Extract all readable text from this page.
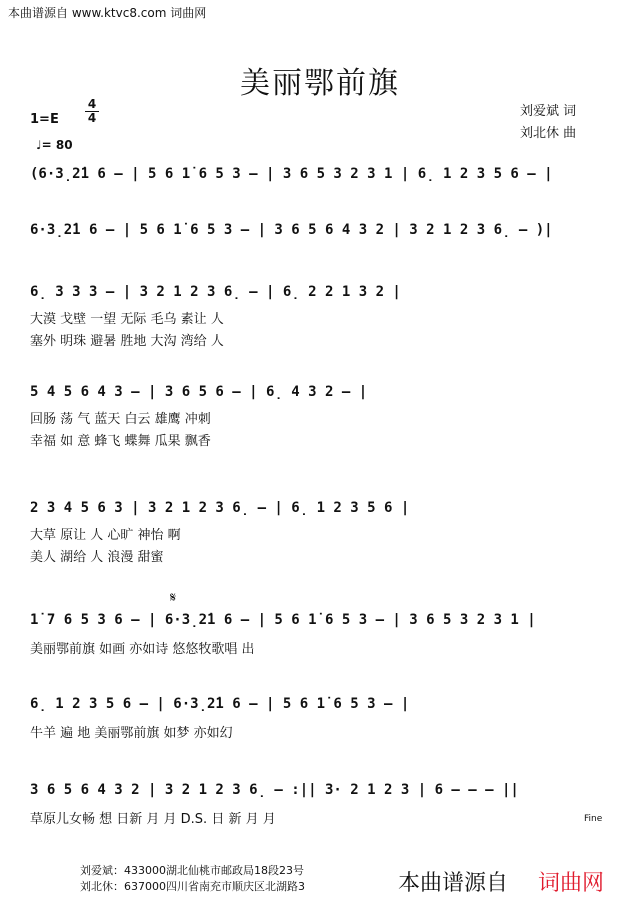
本曲谱源自 www.ktvc8.com 词曲网
美丽鄂前旗
1=E
4
4
♩= 80
刘爱斌 词
刘北休 曲
(6·3̣2̇1 6 – | 5 6 1̇ 6 5 3 – | 3 6 5 3 2 3 1 | 6̣ 1 2 3 5 6 – |
6·3̣2̇1 6 – | 5 6 1̇ 6 5 3 – | 3 6 5 6 4 3 2 | 3 2 1 2 3 6̣ – )|
6̣ 3 3 3 – | 3 2 1 2 3 6̣ – | 6̣ 2 2 1 3 2 |
大漠 戈壁 一望 无际 毛乌 素让 人
塞外 明珠 避暑 胜地 大沟 湾给 人
5 4 5 6 4 3 – | 3 6 5 6 – | 6̣ 4 3 2 – |
回肠 荡 气 蓝天 白云 雄鹰 冲刺
幸福 如 意 蜂飞 蝶舞 瓜果 飘香
2 3 4 5 6 3 | 3 2 1 2 3 6̣ – | 6̣ 1 2 3 5 6 |
大草 原让 人 心旷 神怡 啊
美人 湖给 人 浪漫 甜蜜
𝄋
1̇ 7 6 5 3 6 – | 6·3̣2̇1 6 – | 5 6 1̇ 6 5 3 – | 3 6 5 3 2 3 1 |
美丽鄂前旗 如画 亦如诗 悠悠牧歌唱 出
6̣ 1 2 3 5 6 – | 6·3̣2̇1 6 – | 5 6 1̇ 6 5 3 – |
牛羊 遍 地 美丽鄂前旗 如梦 亦如幻
3 6 5 6 4 3 2 | 3 2 1 2 3 6̣ – :|| 3· 2 1 2 3 | 6 – – – ||
草原儿女畅 想 日新 月 月 D.S. 日 新 月 月	Fine
刘爱斌：433000湖北仙桃市邮政局18段23号
刘北休：637000四川省南充市顺庆区北湖路3	本曲谱源自 词曲网
